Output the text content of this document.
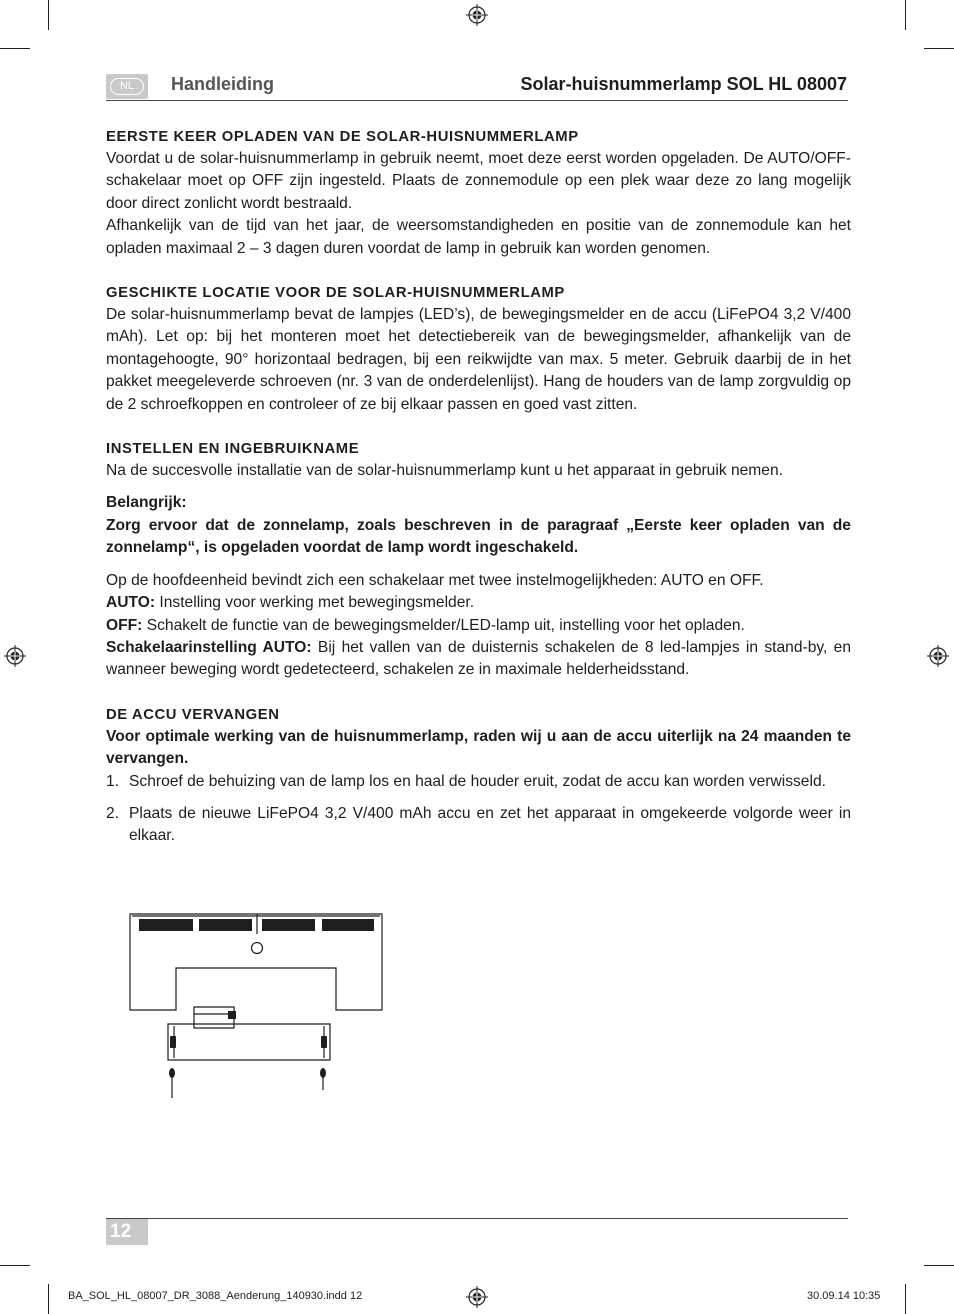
NL	Handleiding	Solar-huisnummerlamp SOL HL 08007
EERSTE KEER OPLADEN VAN DE SOLAR-HUISNUMMERLAMP

Voordat u de solar-huisnummerlamp in gebruik neemt, moet deze eerst worden opgeladen. De AUTO/OFF-schakelaar moet op OFF zijn ingesteld. Plaats de zonnemodule op een plek waar deze zo lang mogelijk door direct zonlicht wordt bestraald.

Afhankelijk van de tijd van het jaar, de weersomstandigheden en positie van de zonnemodule kan het opladen maximaal 2 – 3 dagen duren voordat de lamp in gebruik kan worden genomen.

GESCHIKTE LOCATIE VOOR DE SOLAR-HUISNUMMERLAMP

De solar-huisnummerlamp bevat de lampjes (LED’s), de bewegingsmelder en de accu (LiFePO4 3,2 V/400 mAh). Let op: bij het monteren moet het detectiebereik van de bewegingsmelder, afhankelijk van de montagehoogte, 90° horizontaal bedragen, bij een reikwijdte van max. 5 meter. Gebruik daarbij de in het pakket meegeleverde schroeven (nr. 3 van de onderdelenlijst). Hang de houders van de lamp zorgvuldig op de 2 schroefkoppen en controleer of ze bij elkaar passen en goed vast zitten.

INSTELLEN EN INGEBRUIKNAME

Na de succesvolle installatie van de solar-huisnummerlamp kunt u het apparaat in gebruik nemen.

Belangrijk:

Zorg ervoor dat de zonnelamp, zoals beschreven in de paragraaf „Eerste keer opladen van de zonnelamp“, is opgeladen voordat de lamp wordt ingeschakeld.

Op de hoofdeenheid bevindt zich een schakelaar met twee instelmogelijkheden: AUTO en OFF.

AUTO: Instelling voor werking met bewegingsmelder.

OFF: Schakelt de functie van de bewegingsmelder/LED-lamp uit, instelling voor het opladen.

Schakelaarinstelling AUTO: Bij het vallen van de duisternis schakelen de 8 led-lampjes in stand-by, en wanneer beweging wordt gedetecteerd, schakelen ze in maximale helderheidsstand.

DE ACCU VERVANGEN

Voor optimale werking van de huisnummerlamp, raden wij u aan de accu uiterlijk na 24 maanden te vervangen.

1. Schroef de behuizing van de lamp los en haal de houder eruit, zodat de accu kan worden verwisseld.
2. Plaats de nieuwe LiFePO4 3,2 V/400 mAh accu en zet het apparaat in omgekeerde volgorde weer in elkaar.
12
BA_SOL_HL_08007_DR_3088_Aenderung_140930.indd 12	30.09.14 10:35
